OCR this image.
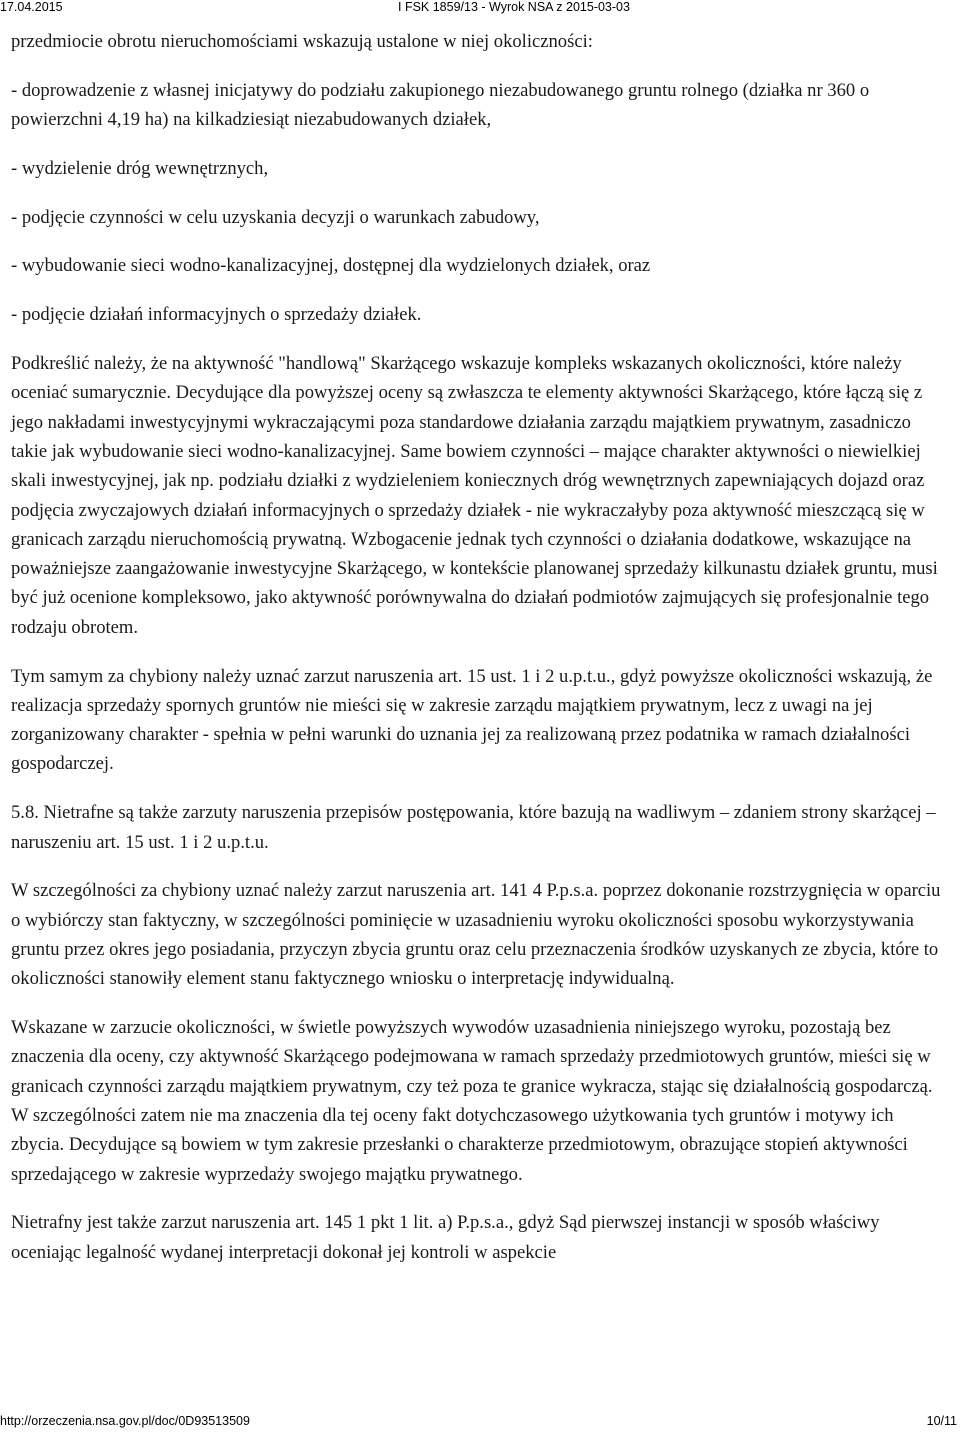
17.04.2015	I FSK 1859/13 - Wyrok NSA z 2015-03-03

przedmiocie obrotu nieruchomościami wskazują ustalone w niej okoliczności:

- doprowadzenie z własnej inicjatywy do podziału zakupionego niezabudowanego gruntu rolnego (działka nr 360 o powierzchni 4,19 ha) na kilkadziesiąt niezabudowanych działek,

- wydzielenie dróg wewnętrznych,

- podjęcie czynności w celu uzyskania decyzji o warunkach zabudowy,

- wybudowanie sieci wodno-kanalizacyjnej, dostępnej dla wydzielonych działek, oraz

- podjęcie działań informacyjnych o sprzedaży działek.

Podkreślić należy, że na aktywność "handlową" Skarżącego wskazuje kompleks wskazanych okoliczności, które należy oceniać sumarycznie. Decydujące dla powyższej oceny są zwłaszcza te elementy aktywności Skarżącego, które łączą się z jego nakładami inwestycyjnymi wykraczającymi poza standardowe działania zarządu majątkiem prywatnym, zasadniczo takie jak wybudowanie sieci wodno-kanalizacyjnej. Same bowiem czynności – mające charakter aktywności o niewielkiej skali inwestycyjnej, jak np. podziału działki z wydzieleniem koniecznych dróg wewnętrznych zapewniających dojazd oraz podjęcia zwyczajowych działań informacyjnych o sprzedaży działek - nie wykraczałyby poza aktywność mieszczącą się w granicach zarządu nieruchomością prywatną. Wzbogacenie jednak tych czynności o działania dodatkowe, wskazujące na poważniejsze zaangażowanie inwestycyjne Skarżącego, w kontekście planowanej sprzedaży kilkunastu działek gruntu, musi być już ocenione kompleksowo, jako aktywność porównywalna do działań podmiotów zajmujących się profesjonalnie tego rodzaju obrotem.

Tym samym za chybiony należy uznać zarzut naruszenia art. 15 ust. 1 i 2 u.p.t.u., gdyż powyższe okoliczności wskazują, że realizacja sprzedaży spornych gruntów nie mieści się w zakresie zarządu majątkiem prywatnym, lecz z uwagi na jej zorganizowany charakter - spełnia w pełni warunki do uznania jej za realizowaną przez podatnika w ramach działalności gospodarczej.

5.8. Nietrafne są także zarzuty naruszenia przepisów postępowania, które bazują na wadliwym – zdaniem strony skarżącej – naruszeniu art. 15 ust. 1 i 2 u.p.t.u.

W szczególności za chybiony uznać należy zarzut naruszenia art. 141 4 P.p.s.a. poprzez dokonanie rozstrzygnięcia w oparciu o wybiórczy stan faktyczny, w szczególności pominięcie w uzasadnieniu wyroku okoliczności sposobu wykorzystywania gruntu przez okres jego posiadania, przyczyn zbycia gruntu oraz celu przeznaczenia środków uzyskanych ze zbycia, które to okoliczności stanowiły element stanu faktycznego wniosku o interpretację indywidualną.

Wskazane w zarzucie okoliczności, w świetle powyższych wywodów uzasadnienia niniejszego wyroku, pozostają bez znaczenia dla oceny, czy aktywność Skarżącego podejmowana w ramach sprzedaży przedmiotowych gruntów, mieści się w granicach czynności zarządu majątkiem prywatnym, czy też poza te granice wykracza, stając się działalnością gospodarczą. W szczególności zatem nie ma znaczenia dla tej oceny fakt dotychczasowego użytkowania tych gruntów i motywy ich zbycia. Decydujące są bowiem w tym zakresie przesłanki o charakterze przedmiotowym, obrazujące stopień aktywności sprzedającego w zakresie wyprzedaży swojego majątku prywatnego.

Nietrafny jest także zarzut naruszenia art. 145 1 pkt 1 lit. a) P.p.s.a., gdyż Sąd pierwszej instancji w sposób właściwy oceniając legalność wydanej interpretacji dokonał jej kontroli w aspekcie

http://orzeczenia.nsa.gov.pl/doc/0D93513509	10/11
